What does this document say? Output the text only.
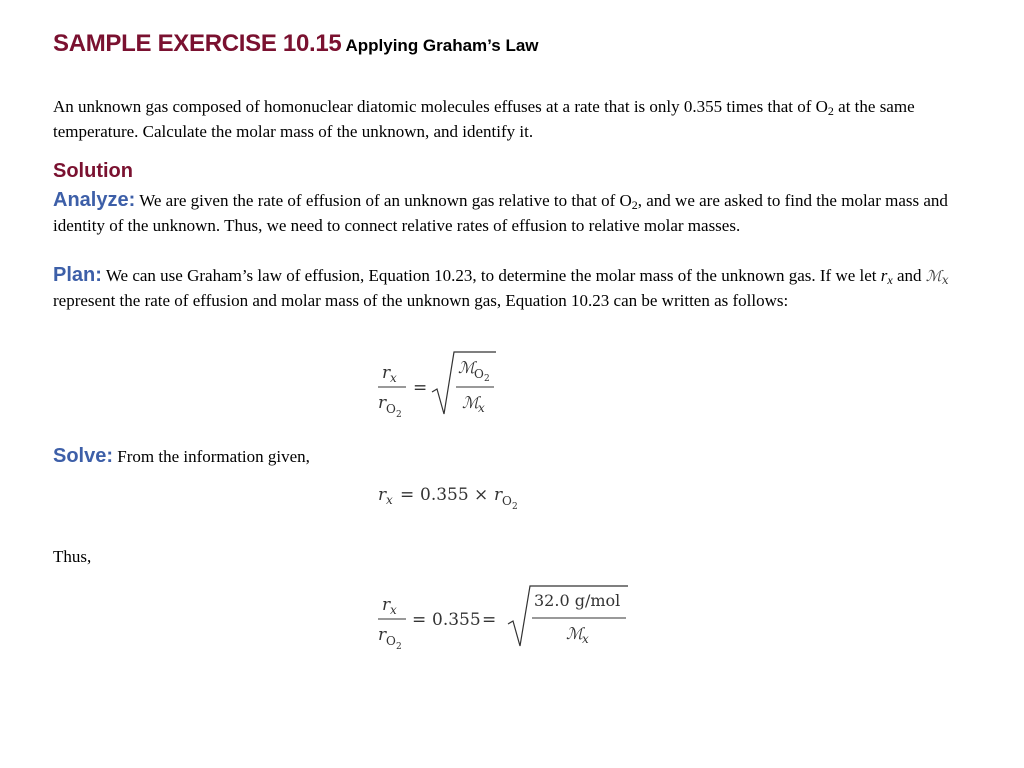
SAMPLE EXERCISE 10.15 Applying Graham’s Law
An unknown gas composed of homonuclear diatomic molecules effuses at a rate that is only 0.355 times that of $O_2$ at the same temperature. Calculate the molar mass of the unknown, and identify it.
Solution
Analyze: We are given the rate of effusion of an unknown gas relative to that of $O_2$, and we are asked to find the molar mass and identity of the unknown. Thus, we need to connect relative rates of effusion to relative molar masses.
Plan: We can use Graham’s law of effusion, Equation 10.23, to determine the molar mass of the unknown gas. If we let $r_x$ and ℳ$_x$ represent the rate of effusion and molar mass of the unknown gas, Equation 10.23 can be written as follows:
r x
r O 2
=
ℳ
O 2
ℳ
x
Solve: From the information given,
r x = 0.355 × r O 2
Thus,
r x
r O 2
= 0.355 =
32.0 g/mol
ℳ
x
